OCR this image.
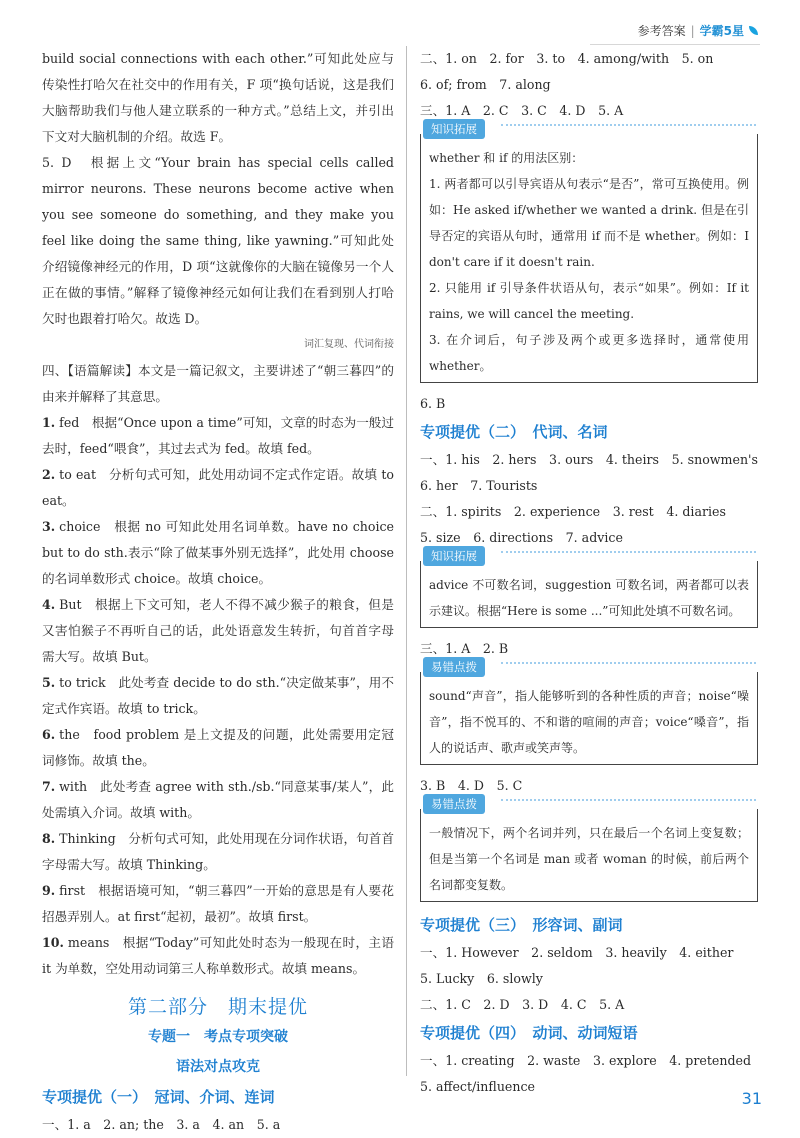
参考答案 | 学霸5星

build social connections with each other.”可知此处应与传染性打哈欠在社交中的作用有关，F 项“换句话说，这是我们大脑帮助我们与他人建立联系的一种方式。”总结上文，并引出下文对大脑机制的介绍。故选 F。

5. D　根据上文“Your brain has special cells called mirror neurons. These neurons become active when you see someone do something, and they make you feel like doing the same thing, like yawning.”可知此处介绍镜像神经元的作用，D 项“这就像你的大脑在镜像另一个人正在做的事情。”解释了镜像神经元如何让我们在看到别人打哈欠时也跟着打哈欠。故选 D。

词汇复现、代词衔接

四、【语篇解读】本文是一篇记叙文，主要讲述了“朝三暮四”的由来并解释了其意思。

1. fed　根据“Once upon a time”可知，文章的时态为一般过去时，feed“喂食”，其过去式为 fed。故填 fed。

2. to eat　分析句式可知，此处用动词不定式作定语。故填 to eat。

3. choice　根据 no 可知此处用名词单数。have no choice but to do sth.表示“除了做某事外别无选择”，此处用 choose 的名词单数形式 choice。故填 choice。

4. But　根据上下文可知，老人不得不减少猴子的粮食，但是又害怕猴子不再听自己的话，此处语意发生转折，句首首字母需大写。故填 But。

5. to trick　此处考查 decide to do sth.“决定做某事”，用不定式作宾语。故填 to trick。

6. the　food problem 是上文提及的问题，此处需要用定冠词修饰。故填 the。

7. with　此处考查 agree with sth./sb.“同意某事/某人”，此处需填入介词。故填 with。

8. Thinking　分析句式可知，此处用现在分词作状语，句首首字母需大写。故填 Thinking。

9. first　根据语境可知，“朝三暮四”一开始的意思是有人要花招愚弄别人。at first“起初，最初”。故填 first。

10. means　根据“Today”可知此处时态为一般现在时，主语 it 为单数，空处用动词第三人称单数形式。故填 means。

第二部分　期末提优
专题一　考点专项突破
语法对点攻克
专项提优（一）　冠词、介词、连词

一、1. a　2. an; the　3. a　4. an　5. a

二、1. on　2. for　3. to　4. among/with　5. on

6. of; from　7. along

三、1. A　2. C　3. C　4. D　5. A

知识拓展

whether 和 if 的用法区别：

1. 两者都可以引导宾语从句表示“是否”，常可互换使用。例如：He asked if/whether we wanted a drink. 但是在引导否定的宾语从句时，通常用 if 而不是 whether。例如：I don't care if it doesn't rain.

2. 只能用 if 引导条件状语从句，表示“如果”。例如：If it rains, we will cancel the meeting.

3. 在介词后，句子涉及两个或更多选择时，通常使用 whether。

6. B

专项提优（二）　代词、名词

一、1. his　2. hers　3. ours　4. theirs　5. snowmen's

6. her　7. Tourists

二、1. spirits　2. experience　3. rest　4. diaries

5. size　6. directions　7. advice

知识拓展

advice 不可数名词，suggestion 可数名词，两者都可以表示建议。根据“Here is some ...”可知此处填不可数名词。

三、1. A　2. B

易错点拨

sound“声音”，指人能够听到的各种性质的声音；noise“噪音”，指不悦耳的、不和谐的喧闹的声音；voice“嗓音”，指人的说话声、歌声或笑声等。

3. B　4. D　5. C

易错点拨

一般情况下，两个名词并列，只在最后一个名词上变复数；但是当第一个名词是 man 或者 woman 的时候，前后两个名词都变复数。

专项提优（三）　形容词、副词

一、1. However　2. seldom　3. heavily　4. either

5. Lucky　6. slowly

二、1. C　2. D　3. D　4. C　5. A

专项提优（四）　动词、动词短语

一、1. creating　2. waste　3. explore　4. pretended

5. affect/influence

31
